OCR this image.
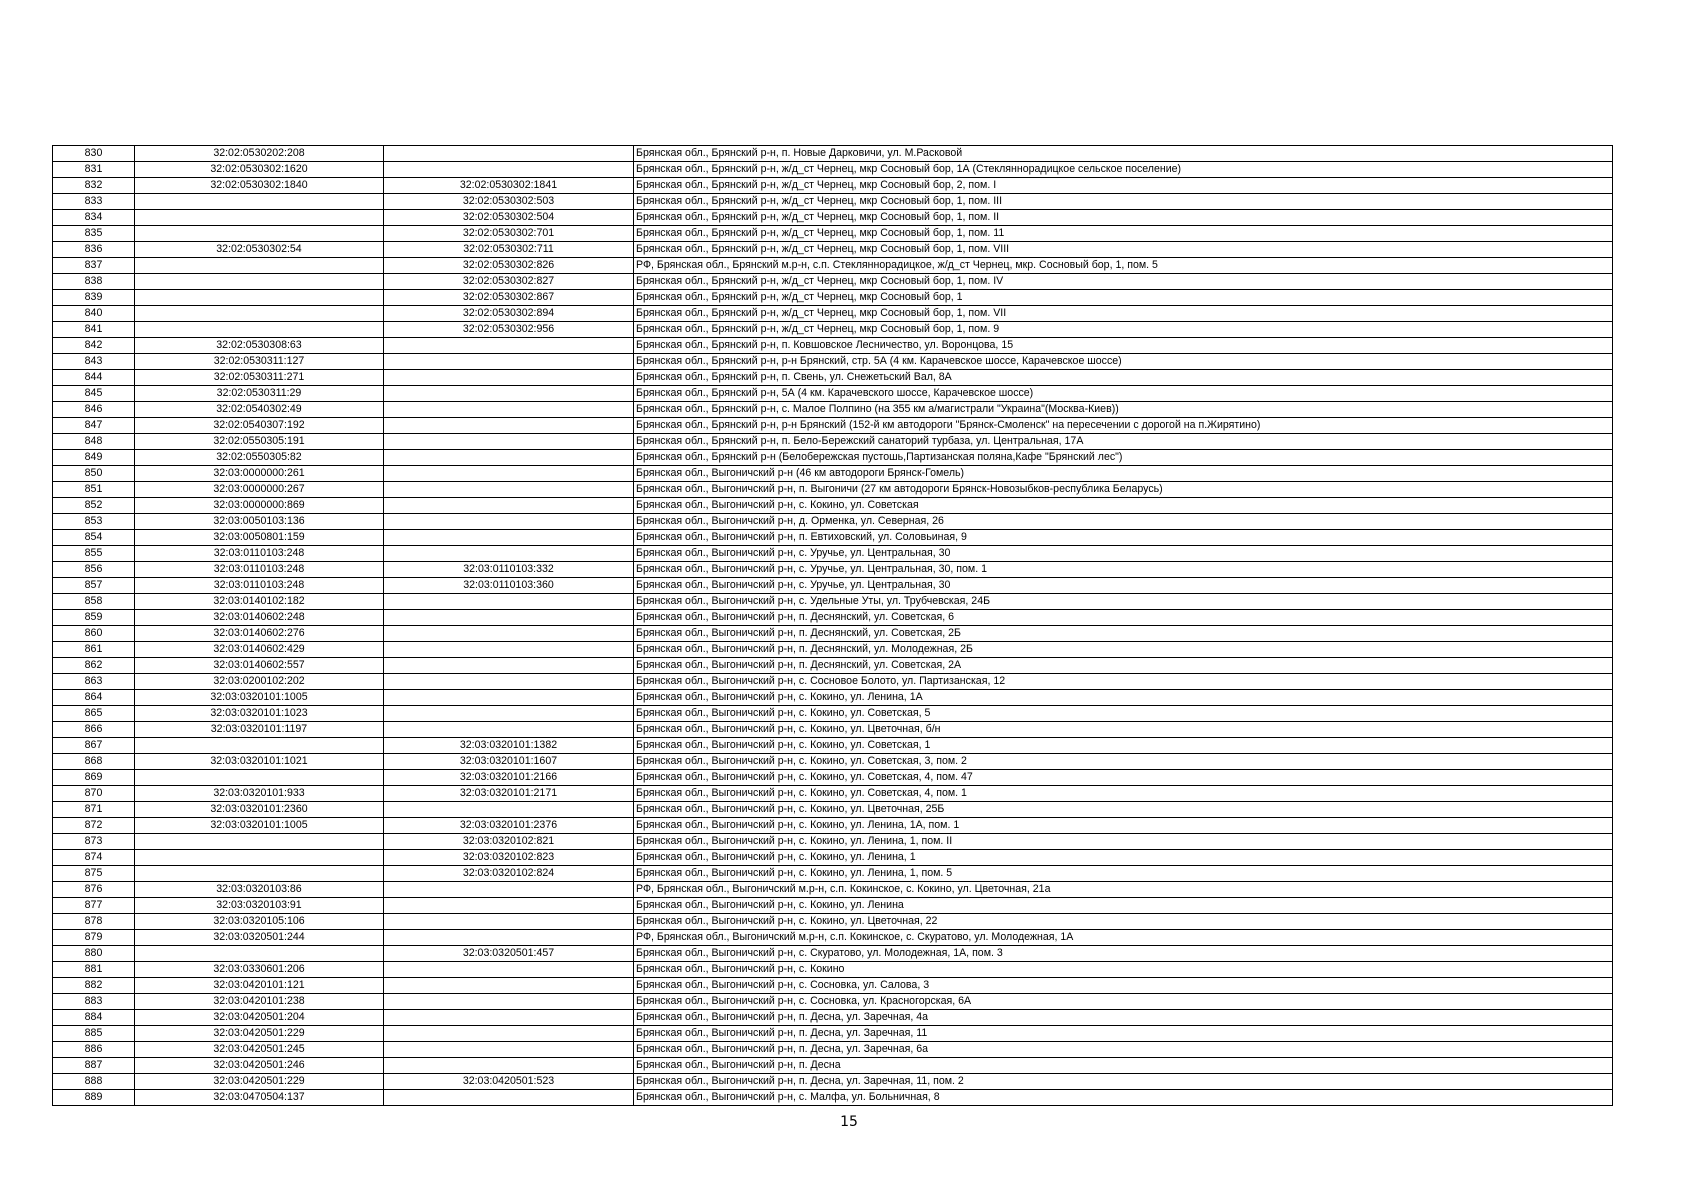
830	32:02:0530202:208		Брянская обл., Брянский р-н, п. Новые Дарковичи, ул. М.Расковой
831	32:02:0530302:1620		Брянская обл., Брянский р-н, ж/д_ст Чернец, мкр Сосновый бор, 1А (Стеклянноpадицкое сельское поселение)
832	32:02:0530302:1840	32:02:0530302:1841	Брянская обл., Брянский р-н, ж/д_ст Чернец, мкр Сосновый бор, 2, пом. I
833		32:02:0530302:503	Брянская обл., Брянский р-н, ж/д_ст Чернец, мкр Сосновый бор, 1, пом. III
834		32:02:0530302:504	Брянская обл., Брянский р-н, ж/д_ст Чернец, мкр Сосновый бор, 1, пом. II
835		32:02:0530302:701	Брянская обл., Брянский р-н, ж/д_ст Чернец, мкр Сосновый бор, 1, пом. 11
836	32:02:0530302:54	32:02:0530302:711	Брянская обл., Брянский р-н, ж/д_ст Чернец, мкр Сосновый бор, 1, пом. VIII
837		32:02:0530302:826	РФ, Брянская обл., Брянский м.р-н, с.п. Стеклянноpадицкое, ж/д_ст Чернец, мкр. Сосновый бор, 1, пом. 5
838		32:02:0530302:827	Брянская обл., Брянский р-н, ж/д_ст Чернец, мкр Сосновый бор, 1, пом. IV
839		32:02:0530302:867	Брянская обл., Брянский р-н, ж/д_ст Чернец, мкр Сосновый бор, 1
840		32:02:0530302:894	Брянская обл., Брянский р-н, ж/д_ст Чернец, мкр Сосновый бор, 1, пом. VII
841		32:02:0530302:956	Брянская обл., Брянский р-н, ж/д_ст Чернец, мкр Сосновый бор, 1, пом. 9
842	32:02:0530308:63		Брянская обл., Брянский р-н, п. Ковшовское Лесничество, ул. Воронцова, 15
843	32:02:0530311:127		Брянская обл., Брянский р-н, р-н Брянский, стр. 5А (4 км. Карачевское шоссе, Карачевское шоссе)
844	32:02:0530311:271		Брянская обл., Брянский р-н, п. Свень, ул. Снежетьский Вал, 8А
845	32:02:0530311:29		Брянская обл., Брянский р-н, 5А (4 км. Карачевского шоссе, Карачевское шоссе)
846	32:02:0540302:49		Брянская обл., Брянский р-н, с. Малое Полпино (на 355 км а/магистрали "Украина"(Москва-Киев))
847	32:02:0540307:192		Брянская обл., Брянский р-н, р-н Брянский (152-й км автодороги "Брянск-Смоленск" на пересечении с дорогой на п.Жирятино)
848	32:02:0550305:191		Брянская обл., Брянский р-н, п. Бело-Бережский санаторий турбаза, ул. Центральная, 17А
849	32:02:0550305:82		Брянская обл., Брянский р-н (Белобережская пустошь,Партизанская поляна,Кафе "Брянский лес")
850	32:03:0000000:261		Брянская обл., Выгоничский р-н (46 км автодороги Брянск-Гомель)
851	32:03:0000000:267		Брянская обл., Выгоничский р-н, п. Выгоничи (27 км автодороги Брянск-Новозыбков-республика Беларусь)
852	32:03:0000000:869		Брянская обл., Выгоничский р-н, с. Кокино, ул. Советская
853	32:03:0050103:136		Брянская обл., Выгоничский р-н, д. Орменка, ул. Северная, 26
854	32:03:0050801:159		Брянская обл., Выгоничский р-н, п. Евтиховский, ул. Соловьиная, 9
855	32:03:0110103:248		Брянская обл., Выгоничский р-н, с. Уручье, ул. Центральная, 30
856	32:03:0110103:248	32:03:0110103:332	Брянская обл., Выгоничский р-н, с. Уручье, ул. Центральная, 30, пом. 1
857	32:03:0110103:248	32:03:0110103:360	Брянская обл., Выгоничский р-н, с. Уручье, ул. Центральная, 30
858	32:03:0140102:182		Брянская обл., Выгоничский р-н, с. Удельные Уты, ул. Трубчевская, 24Б
859	32:03:0140602:248		Брянская обл., Выгоничский р-н, п. Деснянский, ул. Советская, 6
860	32:03:0140602:276		Брянская обл., Выгоничский р-н, п. Деснянский, ул. Советская, 2Б
861	32:03:0140602:429		Брянская обл., Выгоничский р-н, п. Деснянский, ул. Молодежная, 2Б
862	32:03:0140602:557		Брянская обл., Выгоничский р-н, п. Деснянский, ул. Советская, 2А
863	32:03:0200102:202		Брянская обл., Выгоничский р-н, с. Сосновое Болото, ул. Партизанская, 12
864	32:03:0320101:1005		Брянская обл., Выгоничский р-н, с. Кокино, ул. Ленина, 1А
865	32:03:0320101:1023		Брянская обл., Выгоничский р-н, с. Кокино, ул. Советская, 5
866	32:03:0320101:1197		Брянская обл., Выгоничский р-н, с. Кокино, ул. Цветочная, б/н
867		32:03:0320101:1382	Брянская обл., Выгоничский р-н, с. Кокино, ул. Советская, 1
868	32:03:0320101:1021	32:03:0320101:1607	Брянская обл., Выгоничский р-н, с. Кокино, ул. Советская, 3, пом. 2
869		32:03:0320101:2166	Брянская обл., Выгоничский р-н, с. Кокино, ул. Советская, 4, пом. 47
870	32:03:0320101:933	32:03:0320101:2171	Брянская обл., Выгоничский р-н, с. Кокино, ул. Советская, 4, пом. 1
871	32:03:0320101:2360		Брянская обл., Выгоничский р-н, с. Кокино, ул. Цветочная, 25Б
872	32:03:0320101:1005	32:03:0320101:2376	Брянская обл., Выгоничский р-н, с. Кокино, ул. Ленина, 1А, пом. 1
873		32:03:0320102:821	Брянская обл., Выгоничский р-н, с. Кокино, ул. Ленина, 1, пом. II
874		32:03:0320102:823	Брянская обл., Выгоничский р-н, с. Кокино, ул. Ленина, 1
875		32:03:0320102:824	Брянская обл., Выгоничский р-н, с. Кокино, ул. Ленина, 1, пом. 5
876	32:03:0320103:86		РФ, Брянская обл., Выгоничский м.р-н, с.п. Кокинское, с. Кокино, ул. Цветочная, 21а
877	32:03:0320103:91		Брянская обл., Выгоничский р-н, с. Кокино, ул. Ленина
878	32:03:0320105:106		Брянская обл., Выгоничский р-н, с. Кокино, ул. Цветочная, 22
879	32:03:0320501:244		РФ, Брянская обл., Выгоничский м.р-н, с.п. Кокинское, с. Скуратово, ул. Молодежная, 1А
880		32:03:0320501:457	Брянская обл., Выгоничский р-н, с. Скуратово, ул. Молодежная, 1А, пом. 3
881	32:03:0330601:206		Брянская обл., Выгоничский р-н, с. Кокино
882	32:03:0420101:121		Брянская обл., Выгоничский р-н, с. Сосновка, ул. Салова, 3
883	32:03:0420101:238		Брянская обл., Выгоничский р-н, с. Сосновка, ул. Красногорская, 6А
884	32:03:0420501:204		Брянская обл., Выгоничский р-н, п. Десна, ул. Заречная, 4а
885	32:03:0420501:229		Брянская обл., Выгоничский р-н, п. Десна, ул. Заречная, 11
886	32:03:0420501:245		Брянская обл., Выгоничский р-н, п. Десна, ул. Заречная, 6а
887	32:03:0420501:246		Брянская обл., Выгоничский р-н, п. Десна
888	32:03:0420501:229	32:03:0420501:523	Брянская обл., Выгоничский р-н, п. Десна, ул. Заречная, 11, пом. 2
889	32:03:0470504:137		Брянская обл., Выгоничский р-н, с. Малфа, ул. Больничная, 8
15
